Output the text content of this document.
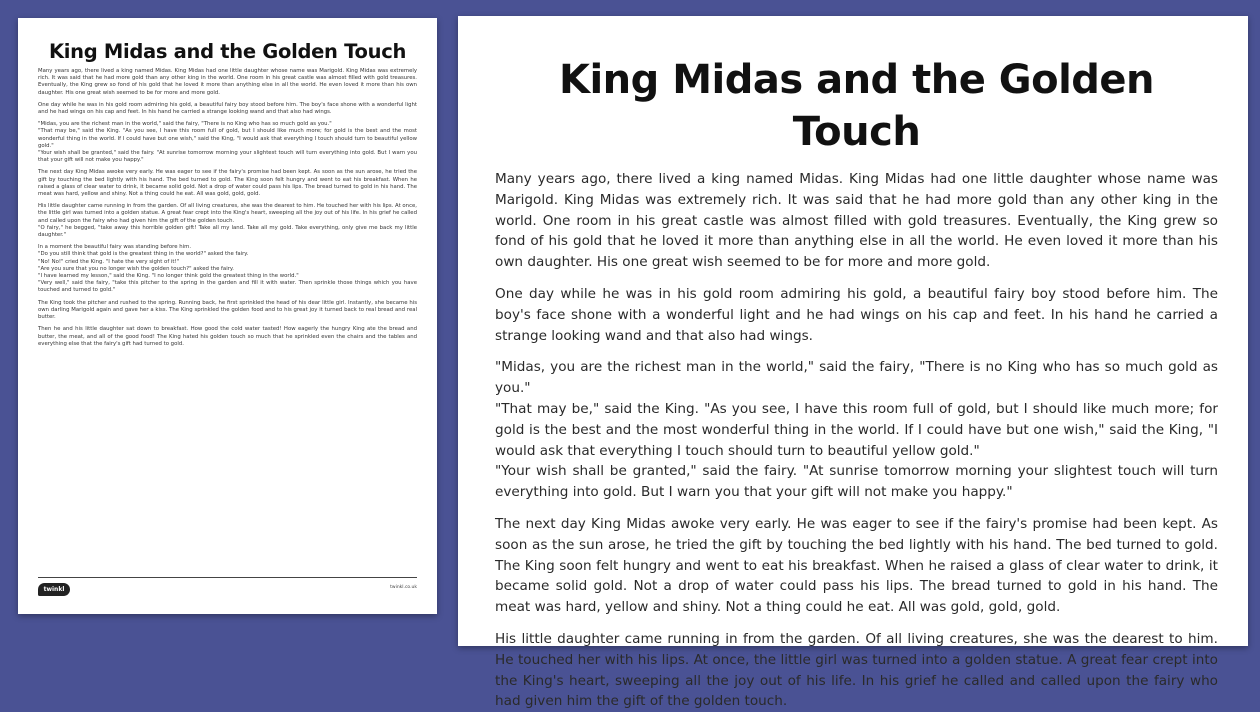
King Midas and the Golden Touch

Many years ago, there lived a king named Midas. King Midas had one little daughter whose name was Marigold. King Midas was extremely rich. It was said that he had more gold than any other king in the world. One room in his great castle was almost filled with gold treasures. Eventually, the King grew so fond of his gold that he loved it more than anything else in all the world. He even loved it more than his own daughter. His one great wish seemed to be for more and more gold.

One day while he was in his gold room admiring his gold, a beautiful fairy boy stood before him. The boy's face shone with a wonderful light and he had wings on his cap and feet. In his hand he carried a strange looking wand and that also had wings.

"Midas, you are the richest man in the world," said the fairy, "There is no King who has so much gold as you."

"That may be," said the King. "As you see, I have this room full of gold, but I should like much more; for gold is the best and the most wonderful thing in the world. If I could have but one wish," said the King, "I would ask that everything I touch should turn to beautiful yellow gold."

"Your wish shall be granted," said the fairy. "At sunrise tomorrow morning your slightest touch will turn everything into gold. But I warn you that your gift will not make you happy."

The next day King Midas awoke very early. He was eager to see if the fairy's promise had been kept. As soon as the sun arose, he tried the gift by touching the bed lightly with his hand. The bed turned to gold. The King soon felt hungry and went to eat his breakfast. When he raised a glass of clear water to drink, it became solid gold. Not a drop of water could pass his lips. The bread turned to gold in his hand. The meat was hard, yellow and shiny. Not a thing could he eat. All was gold, gold, gold.

His little daughter came running in from the garden. Of all living creatures, she was the dearest to him. He touched her with his lips. At once, the little girl was turned into a golden statue. A great fear crept into the King's heart, sweeping all the joy out of his life. In his grief he called and called upon the fairy who had given him the gift of the golden touch.

"O fairy," he begged, "take away this horrible golden gift! Take all my land. Take all my gold. Take everything, only give me back my little daughter."

In a moment the beautiful fairy was standing before him.

"Do you still think that gold is the greatest thing in the world?" asked the fairy.

"No! No!" cried the King. "I hate the very sight of it!"

"Are you sure that you no longer wish the golden touch?" asked the fairy.

"I have learned my lesson," said the King. "I no longer think gold the greatest thing in the world."

"Very well," said the fairy, "take this pitcher to the spring in the garden and fill it with water. Then sprinkle those things which you have touched and turned to gold."

The King took the pitcher and rushed to the spring. Running back, he first sprinkled the head of his dear little girl. Instantly, she became his own darling Marigold again and gave her a kiss. The King sprinkled the golden food and to his great joy it turned back to real bread and real butter.

Then he and his little daughter sat down to breakfast. How good the cold water tasted! How eagerly the hungry King ate the bread and butter, the meat, and all of the good food! The King hated his golden touch so much that he sprinkled even the chairs and the tables and everything else that the fairy's gift had turned to gold.

twinkl	twinkl.co.uk
King Midas and the Golden Touch

Many years ago, there lived a king named Midas. King Midas had one little daughter whose name was Marigold. King Midas was extremely rich. It was said that he had more gold than any other king in the world. One room in his great castle was almost filled with gold treasures. Eventually, the King grew so fond of his gold that he loved it more than anything else in all the world. He even loved it more than his own daughter. His one great wish seemed to be for more and more gold.

One day while he was in his gold room admiring his gold, a beautiful fairy boy stood before him. The boy's face shone with a wonderful light and he had wings on his cap and feet. In his hand he carried a strange looking wand and that also had wings.

"Midas, you are the richest man in the world," said the fairy, "There is no King who has so much gold as you."

"That may be," said the King. "As you see, I have this room full of gold, but I should like much more; for gold is the best and the most wonderful thing in the world. If I could have but one wish," said the King, "I would ask that everything I touch should turn to beautiful yellow gold."

"Your wish shall be granted," said the fairy. "At sunrise tomorrow morning your slightest touch will turn everything into gold. But I warn you that your gift will not make you happy."

The next day King Midas awoke very early. He was eager to see if the fairy's promise had been kept. As soon as the sun arose, he tried the gift by touching the bed lightly with his hand. The bed turned to gold. The King soon felt hungry and went to eat his breakfast. When he raised a glass of clear water to drink, it became solid gold. Not a drop of water could pass his lips. The bread turned to gold in his hand. The meat was hard, yellow and shiny. Not a thing could he eat. All was gold, gold, gold.

His little daughter came running in from the garden. Of all living creatures, she was the dearest to him. He touched her with his lips. At once, the little girl was turned into a golden statue. A great fear crept into the King's heart, sweeping all the joy out of his life. In his grief he called and called upon the fairy who had given him the gift of the golden touch.
